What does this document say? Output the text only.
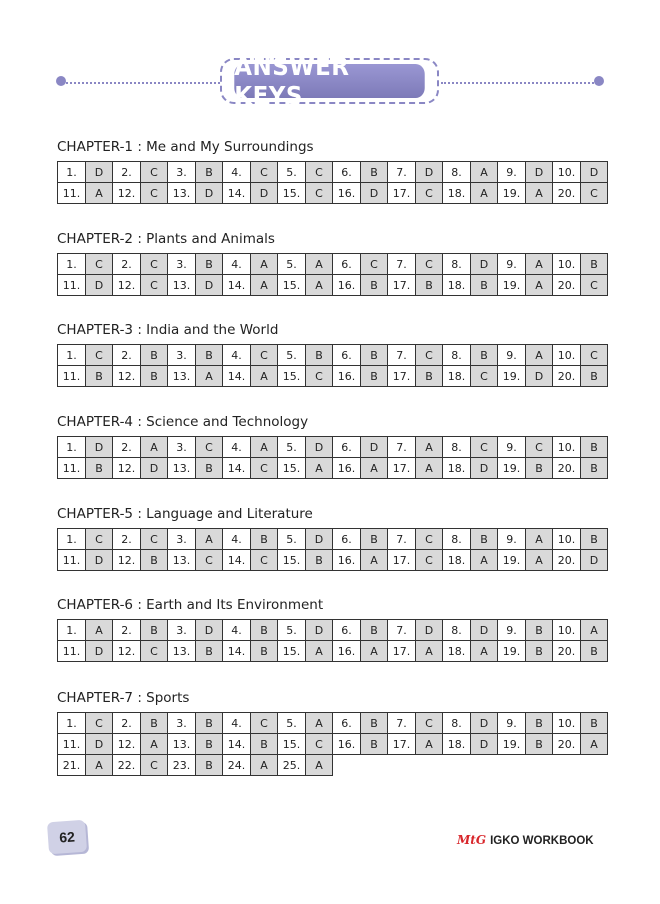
ANSWER KEYS
CHAPTER-1 : Me and My Surroundings
1.	D	2.	C	3.	B	4.	C	5.	C	6.	B	7.	D	8.	A	9.	D	10.	D
11.	A	12.	C	13.	D	14.	D	15.	C	16.	D	17.	C	18.	A	19.	A	20.	C
CHAPTER-2 : Plants and Animals
1.	C	2.	C	3.	B	4.	A	5.	A	6.	C	7.	C	8.	D	9.	A	10.	B
11.	D	12.	C	13.	D	14.	A	15.	A	16.	B	17.	B	18.	B	19.	A	20.	C
CHAPTER-3 : India and the World
1.	C	2.	B	3.	B	4.	C	5.	B	6.	B	7.	C	8.	B	9.	A	10.	C
11.	B	12.	B	13.	A	14.	A	15.	C	16.	B	17.	B	18.	C	19.	D	20.	B
CHAPTER-4 : Science and Technology
1.	D	2.	A	3.	C	4.	A	5.	D	6.	D	7.	A	8.	C	9.	C	10.	B
11.	B	12.	D	13.	B	14.	C	15.	A	16.	A	17.	A	18.	D	19.	B	20.	B
CHAPTER-5 : Language and Literature
1.	C	2.	C	3.	A	4.	B	5.	D	6.	B	7.	C	8.	B	9.	A	10.	B
11.	D	12.	B	13.	C	14.	C	15.	B	16.	A	17.	C	18.	A	19.	A	20.	D
CHAPTER-6 : Earth and Its Environment
1.	A	2.	B	3.	D	4.	B	5.	D	6.	B	7.	D	8.	D	9.	B	10.	A
11.	D	12.	C	13.	B	14.	B	15.	A	16.	A	17.	A	18.	A	19.	B	20.	B
CHAPTER-7 : Sports
1.	C	2.	B	3.	B	4.	C	5.	A	6.	B	7.	C	8.	D	9.	B	10.	B
11.	D	12.	A	13.	B	14.	B	15.	C	16.	B	17.	A	18.	D	19.	B	20.	A
21.	A	22.	C	23.	B	24.	A	25.	A										
62	MtG IGKO WORKBOOK
